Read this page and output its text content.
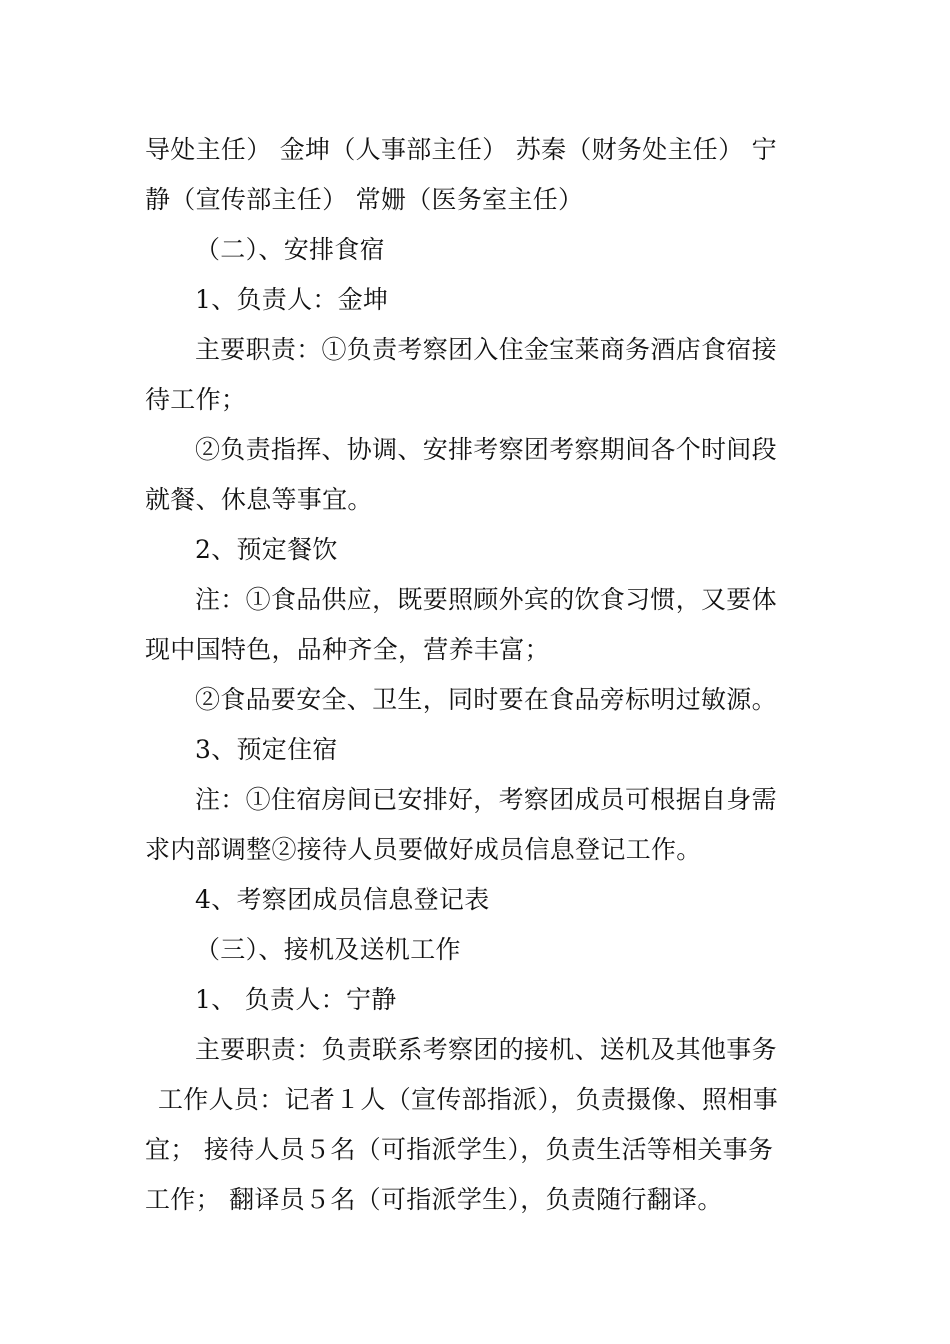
导处主任） 金坤（人事部主任） 苏秦（财务处主任） 宁
静（宣传部主任） 常姗（医务室主任）
（二）、安排食宿
1、负责人：金坤
主要职责：①负责考察团入住金宝莱商务酒店食宿接
待工作；
②负责指挥、协调、安排考察团考察期间各个时间段
就餐、休息等事宜。
2、预定餐饮
注：①食品供应，既要照顾外宾的饮食习惯，又要体
现中国特色，品种齐全，营养丰富；
②食品要安全、卫生，同时要在食品旁标明过敏源。
3、预定住宿
注：①住宿房间已安排好，考察团成员可根据自身需
求内部调整②接待人员要做好成员信息登记工作。
4、考察团成员信息登记表
（三）、接机及送机工作
1、 负责人：宁静
主要职责：负责联系考察团的接机、送机及其他事务
工作人员：记者１人（宣传部指派），负责摄像、照相事
宜； 接待人员５名（可指派学生），负责生活等相关事务
工作； 翻译员５名（可指派学生），负责随行翻译。
